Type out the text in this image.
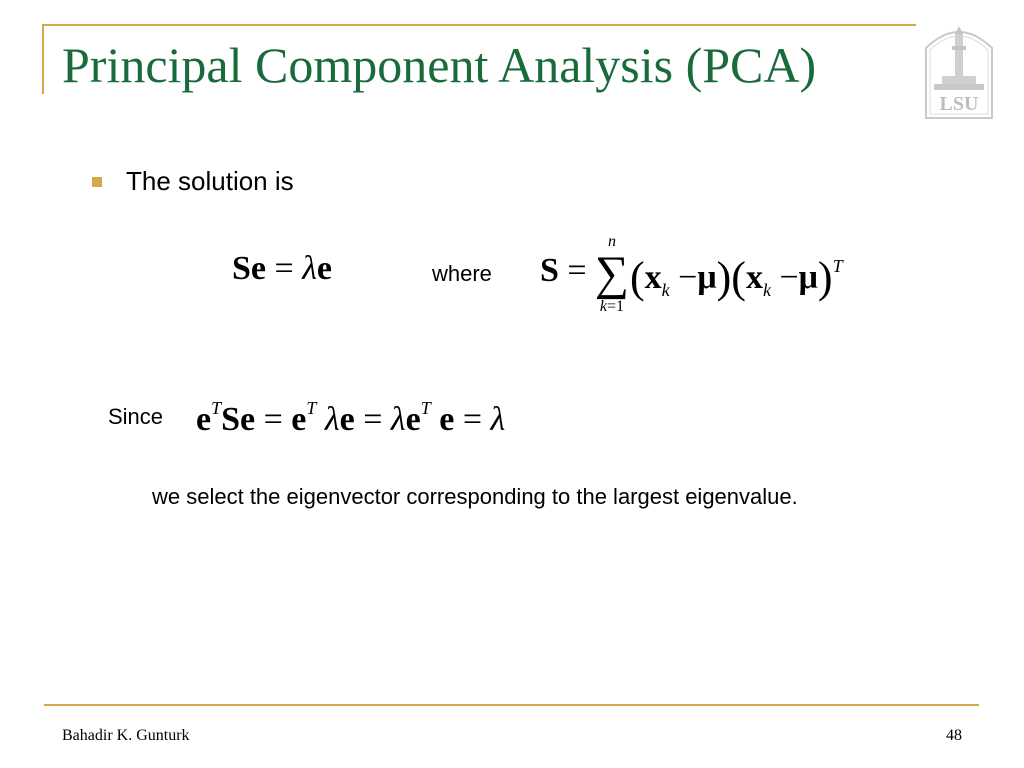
Principal Component Analysis (PCA)
LSU
The solution is
Se = λe	where S =
n
∑
k=1
$(x_k -\mu)(x_k -\mu)^T$
Since $e^TSe = e^T$ $\lambda e = \lambda e^T$ e = λ
we select the eigenvector corresponding to the largest eigenvalue.
Bahadir K. Gunturk	48
